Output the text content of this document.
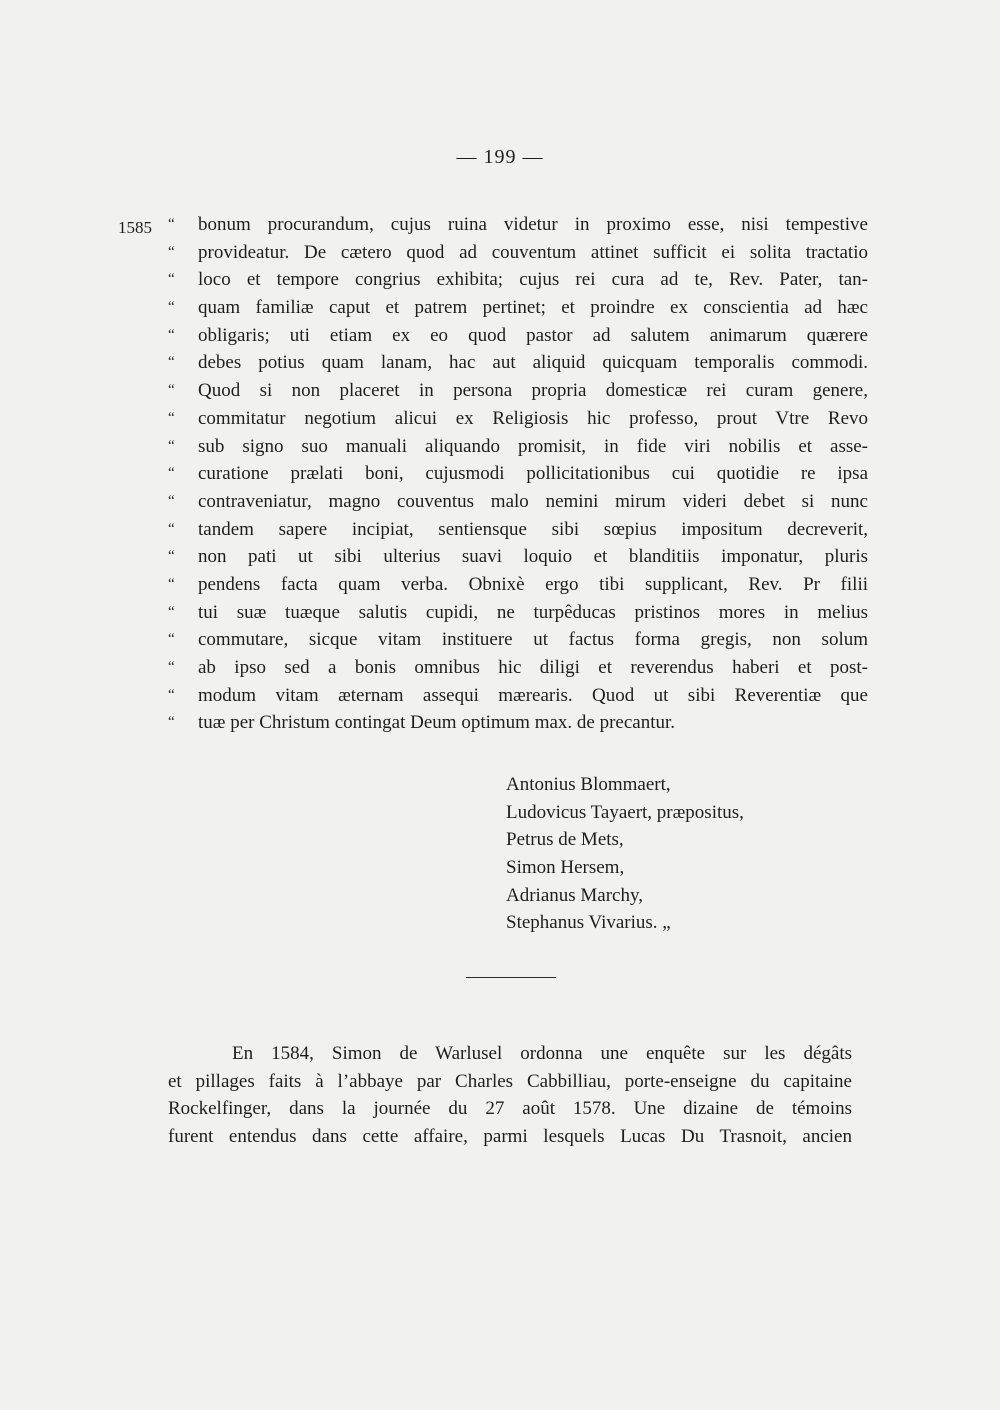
— 199 —
1585 “	bonum procurandum, cujus ruina videtur in proximo esse, nisi tempestive
“	provideatur. De cætero quod ad couventum attinet sufficit ei solita tractatio
“	loco et tempore congrius exhibita; cujus rei cura ad te, Rev. Pater, tan-
“	quam familiæ caput et patrem pertinet; et proindre ex conscientia ad hæc
“	obligaris; uti etiam ex eo quod pastor ad salutem animarum quærere
“	debes potius quam lanam, hac aut aliquid quicquam temporalis commodi.
“	Quod si non placeret in persona propria domesticæ rei curam genere,
“	commitatur negotium alicui ex Religiosis hic professo, prout Vtre Revo
“	sub signo suo manuali aliquando promisit, in fide viri nobilis et asse-
“	curatione prælati boni, cujusmodi pollicitationibus cui quotidie re ipsa
“	contraveniatur, magno couventus malo nemini mirum videri debet si nunc
“	tandem sapere incipiat, sentiensque sibi sœpius impositum decreverit,
“	non pati ut sibi ulterius suavi loquio et blanditiis imponatur, pluris
“	pendens facta quam verba. Obnixè ergo tibi supplicant, Rev. Pr filii
“	tui suæ tuæque salutis cupidi, ne turpêducas pristinos mores in melius
“	commutare, sicque vitam instituere ut factus forma gregis, non solum
“	ab ipso sed a bonis omnibus hic diligi et reverendus haberi et post-
“	modum vitam æternam assequi mærearis. Quod ut sibi Reverentiæ que
“	tuæ per Christum contingat Deum optimum max. de precantur.
Antonius Blommaert,
Ludovicus Tayaert, præpositus,
Petrus de Mets,
Simon Hersem,
Adrianus Marchy,
Stephanus Vivarius. „
En 1584, Simon de Warlusel ordonna une enquête sur les dégâts
et pillages faits à l’abbaye par Charles Cabbilliau, porte-enseigne du capitaine
Rockelfinger, dans la journée du 27 août 1578. Une dizaine de témoins
furent entendus dans cette affaire, parmi lesquels Lucas Du Trasnoit, ancien
